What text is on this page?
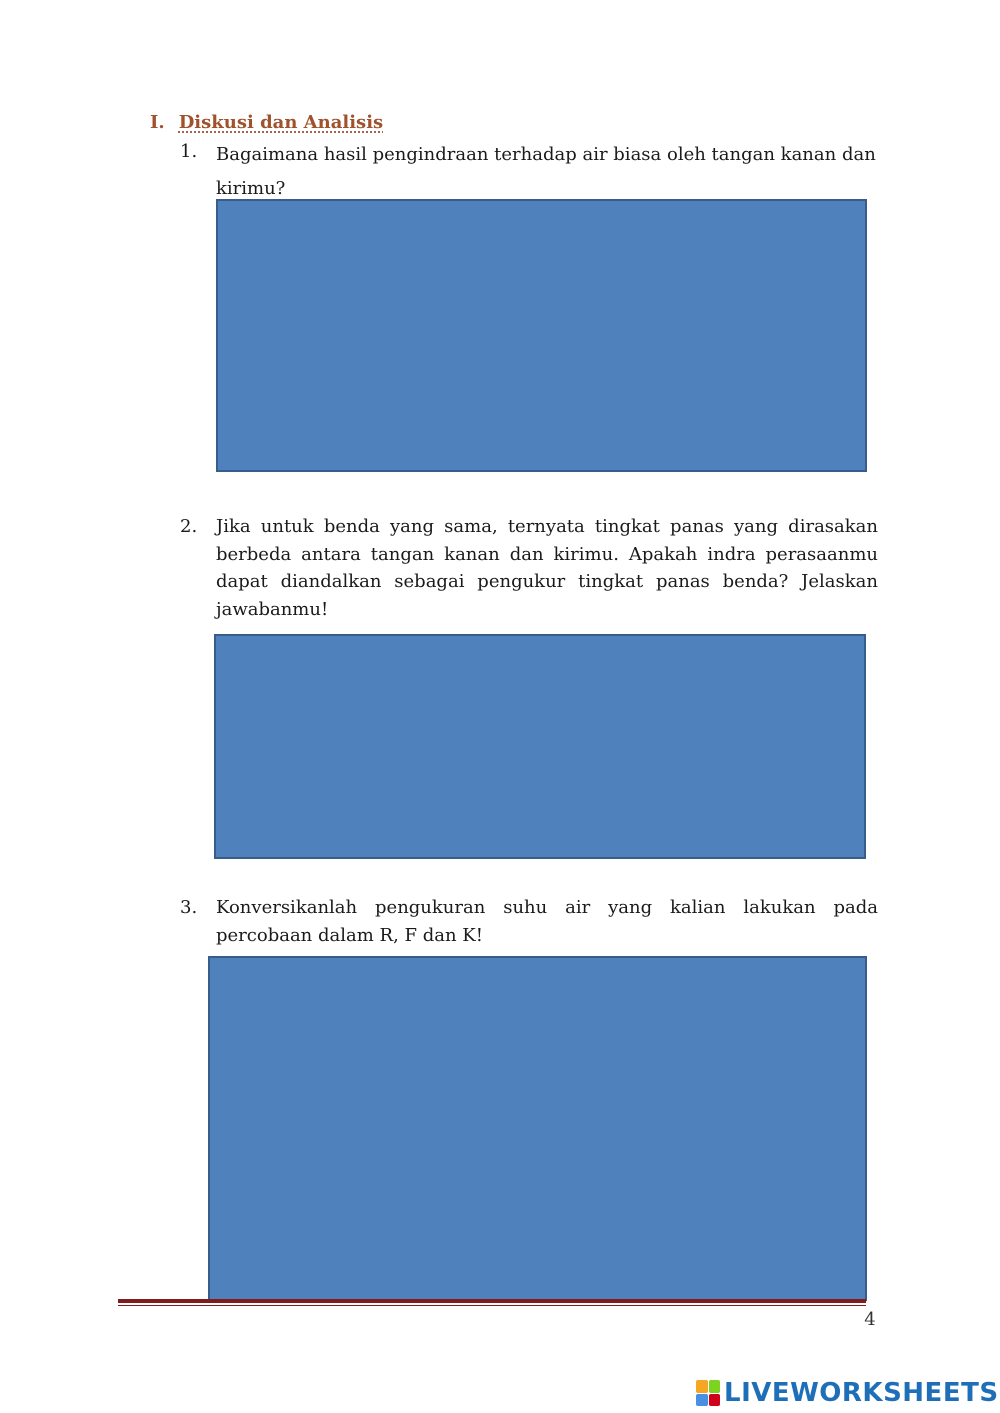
I. Diskusi dan Analisis
1.	Bagaimana hasil pengindraan terhadap air biasa oleh tangan kanan dan kirimu?
2.	Jika untuk benda yang sama, ternyata tingkat panas yang dirasakan berbeda antara tangan kanan dan kirimu. Apakah indra perasaanmu dapat diandalkan sebagai pengukur tingkat panas benda? Jelaskan jawabanmu!
3.	Konversikanlah pengukuran suhu air yang kalian lakukan pada percobaan dalam R, F dan K!
4
LIVEWORKSHEETS
